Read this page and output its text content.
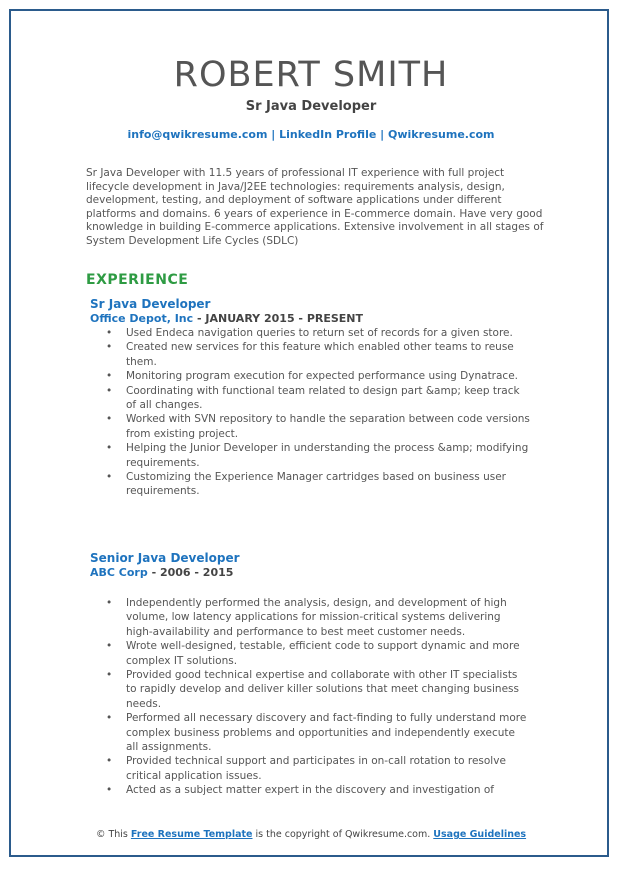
ROBERT SMITH
Sr Java Developer
info@qwikresume.com | LinkedIn Profile | Qwikresume.com
Sr Java Developer with 11.5 years of professional IT experience with full project lifecycle development in Java/J2EE technologies: requirements analysis, design, development, testing, and deployment of software applications under different platforms and domains. 6 years of experience in E-commerce domain. Have very good knowledge in building E-commerce applications. Extensive involvement in all stages of System Development Life Cycles (SDLC)
EXPERIENCE
Sr Java Developer
Office Depot, Inc - JANUARY 2015 - PRESENT
• Used Endeca navigation queries to return set of records for a given store.
• Created new services for this feature which enabled other teams to reuse them.
• Monitoring program execution for expected performance using Dynatrace.
• Coordinating with functional team related to design part &amp; keep track of all changes.
• Worked with SVN repository to handle the separation between code versions from existing project.
• Helping the Junior Developer in understanding the process &amp; modifying requirements.
• Customizing the Experience Manager cartridges based on business user requirements.
Senior Java Developer
ABC Corp - 2006 - 2015
• Independently performed the analysis, design, and development of high volume, low latency applications for mission-critical systems delivering high-availability and performance to best meet customer needs.
• Wrote well-designed, testable, efficient code to support dynamic and more complex IT solutions.
• Provided good technical expertise and collaborate with other IT specialists to rapidly develop and deliver killer solutions that meet changing business needs.
• Performed all necessary discovery and fact-finding to fully understand more complex business problems and opportunities and independently execute all assignments.
• Provided technical support and participates in on-call rotation to resolve critical application issues.
• Acted as a subject matter expert in the discovery and investigation of
© This Free Resume Template is the copyright of Qwikresume.com. Usage Guidelines
